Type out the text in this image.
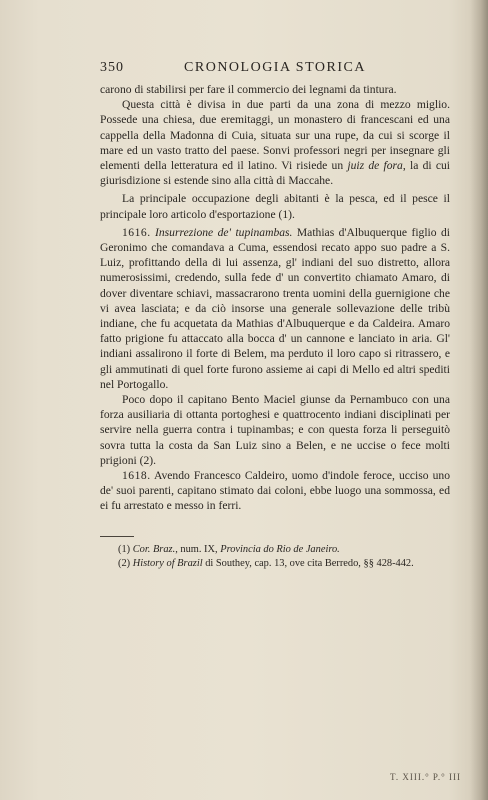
350	CRONOLOGIA STORICA

carono di stabilirsi per fare il commercio dei legnami da tintura.

Questa città è divisa in due parti da una zona di mezzo miglio. Possede una chiesa, due eremitaggi, un monastero di francescani ed una cappella della Madonna di Cuia, situata sur una rupe, da cui si scorge il mare ed un vasto tratto del paese. Sonvi professori negri per insegnare gli elementi della letteratura ed il latino. Vi risiede un juiz de fora, la di cui giurisdizione si estende sino alla città di Maccahe.

La principale occupazione degli abitanti è la pesca, ed il pesce il principale loro articolo d'esportazione (1).

1616. Insurrezione de' tupinambas. Mathias d'Albuquerque figlio di Geronimo che comandava a Cuma, essendosi recato appo suo padre a S. Luiz, profittando della di lui assenza, gl' indiani del suo distretto, allora numerosissimi, credendo, sulla fede d' un convertito chiamato Amaro, di dover diventare schiavi, massacrarono trenta uomini della guernigione che vi avea lasciata; e da ciò insorse una generale sollevazione delle tribù indiane, che fu acquetata da Mathias d'Albuquerque e da Caldeira. Amaro fatto prigione fu attaccato alla bocca d' un cannone e lanciato in aria. Gl' indiani assalirono il forte di Belem, ma perduto il loro capo si ritrassero, e gli ammutinati di quel forte furono assieme ai capi di Mello ed altri spediti nel Portogallo.

Poco dopo il capitano Bento Maciel giunse da Pernambuco con una forza ausiliaria di ottanta portoghesi e quattrocento indiani disciplinati per servire nella guerra contra i tupinambas; e con questa forza li perseguitò sovra tutta la costa da San Luiz sino a Belen, e ne uccise o fece molti prigioni (2).

1618. Avendo Francesco Caldeiro, uomo d'indole feroce, ucciso uno de' suoi parenti, capitano stimato dai coloni, ebbe luogo una sommossa, ed ei fu arrestato e messo in ferri.

(1) Cor. Braz., num. IX, Provincia do Rio de Janeiro.

(2) History of Brazil di Southey, cap. 13, ove cita Berredo, §§ 428-442.

T. XIII.° P.° III
